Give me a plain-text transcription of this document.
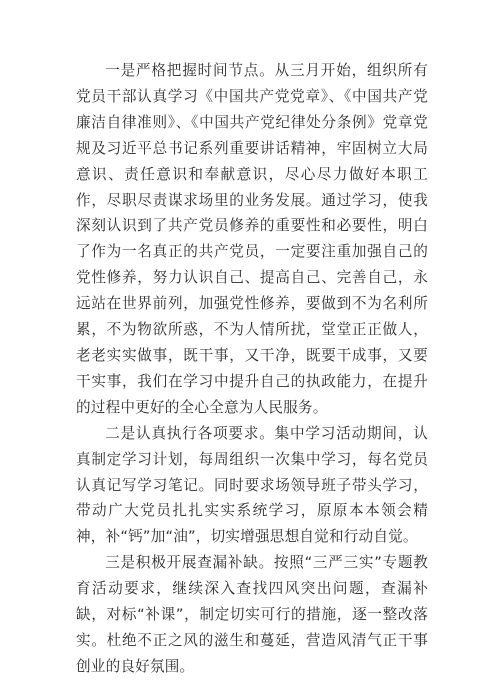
一是严格把握时间节点。从三月开始，组织所有党员干部认真学习《中国共产党党章》、《中国共产党廉洁自律准则》、《中国共产党纪律处分条例》党章党规及习近平总书记系列重要讲话精神，牢固树立大局意识、责任意识和奉献意识，尽心尽力做好本职工作，尽职尽责谋求场里的业务发展。通过学习，使我深刻认识到了共产党员修养的重要性和必要性，明白了作为一名真正的共产党员，一定要注重加强自己的党性修养，努力认识自己、提高自己、完善自己，永远站在世界前列，加强党性修养，要做到不为名利所累，不为物欲所惑，不为人情所扰，堂堂正正做人，老老实实做事，既干事，又干净，既要干成事，又要干实事，我们在学习中提升自己的执政能力，在提升的过程中更好的全心全意为人民服务。

二是认真执行各项要求。集中学习活动期间，认真制定学习计划，每周组织一次集中学习，每名党员认真记写学习笔记。同时要求场领导班子带头学习，带动广大党员扎扎实实系统学习，原原本本领会精神，补“钙”加“油”，切实增强思想自觉和行动自觉。

三是积极开展查漏补缺。按照“三严三实”专题教育活动要求，继续深入查找四风突出问题，查漏补缺，对标“补课”，制定切实可行的措施，逐一整改落实。杜绝不正之风的滋生和蔓延，营造风清气正干事创业的良好氛围。
